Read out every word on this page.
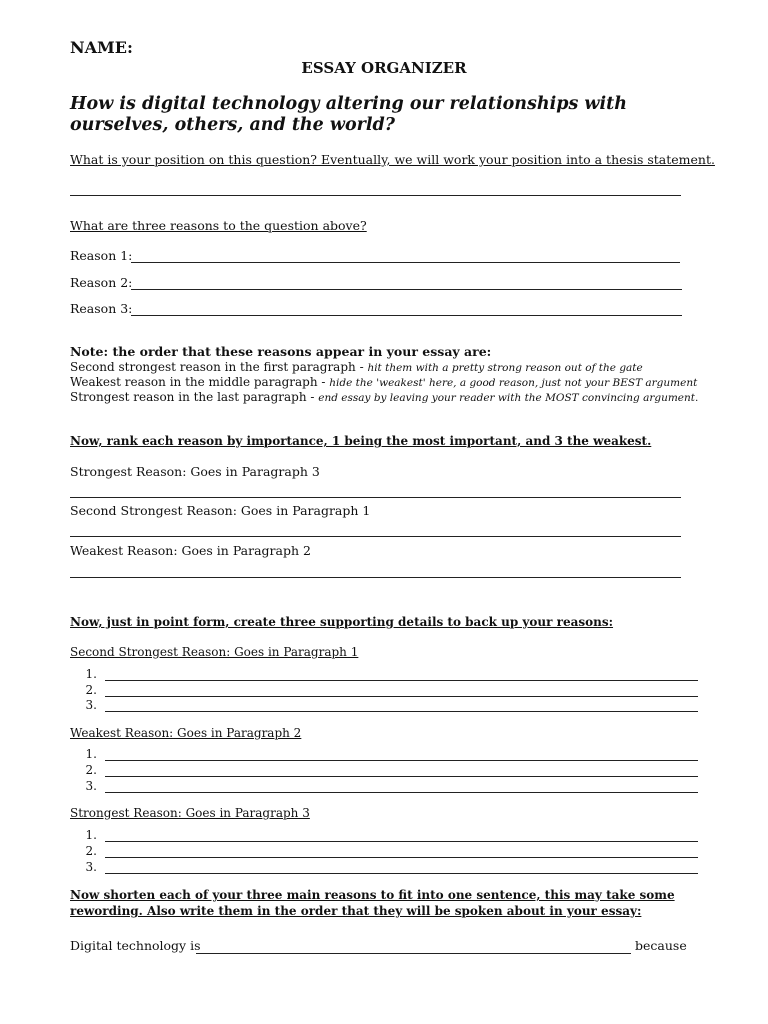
NAME:
ESSAY ORGANIZER
How is digital technology altering our relationships with ourselves, others, and the world?
What is your position on this question? Eventually, we will work your position into a thesis statement.
What are three reasons to the question above?
Reason 1:
Reason 2:
Reason 3:
Note: the order that these reasons appear in your essay are:
Second strongest reason in the first paragraph - hit them with a pretty strong reason out of the gate
Weakest reason in the middle paragraph - hide the 'weakest' here, a good reason, just not your BEST argument
Strongest reason in the last paragraph - end essay by leaving your reader with the MOST convincing argument.
Now, rank each reason by importance, 1 being the most important, and 3 the weakest.
Strongest Reason: Goes in Paragraph 3
Second Strongest Reason: Goes in Paragraph 1
Weakest Reason: Goes in Paragraph 2
Now, just in point form, create three supporting details to back up your reasons:
Second Strongest Reason: Goes in Paragraph 1
1.
2.
3.
Weakest Reason: Goes in Paragraph 2
1.
2.
3.
Strongest Reason: Goes in Paragraph 3
1.
2.
3.
Now shorten each of your three main reasons to fit into one sentence, this may take some
rewording. Also write them in the order that they will be spoken about in your essay:
Digital technology is	because
